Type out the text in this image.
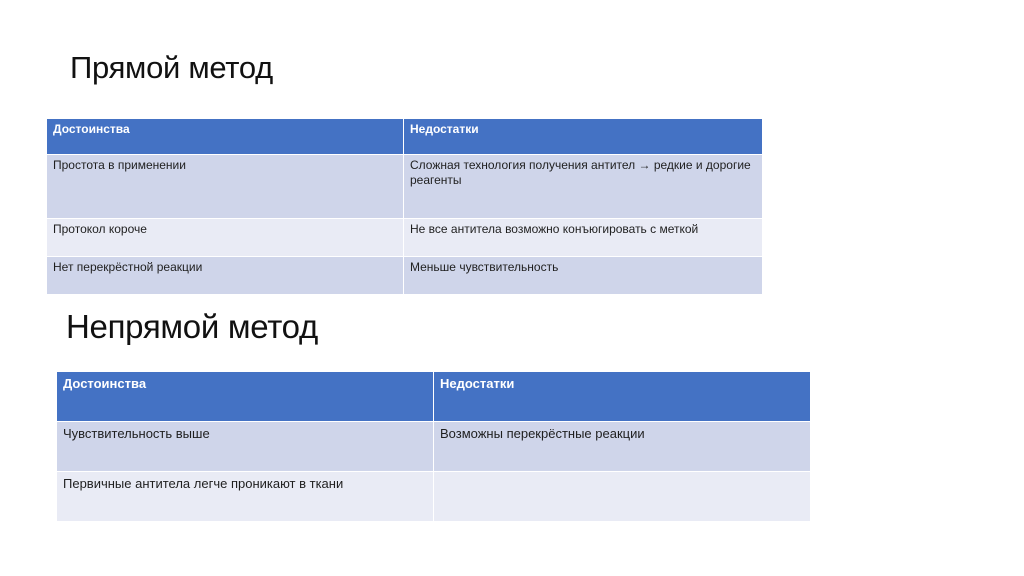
Прямой метод
Достоинства	Недостатки
Простота в применении	Сложная технология получения антител → редкие и дорогие реагенты
Протокол короче	Не все антитела возможно конъюгировать с меткой
Нет перекрёстной реакции	Меньше чувствительность
Непрямой метод
Достоинства	Недостатки
Чувствительность выше	Возможны перекрёстные реакции
Первичные антитела легче проникают в ткани	
